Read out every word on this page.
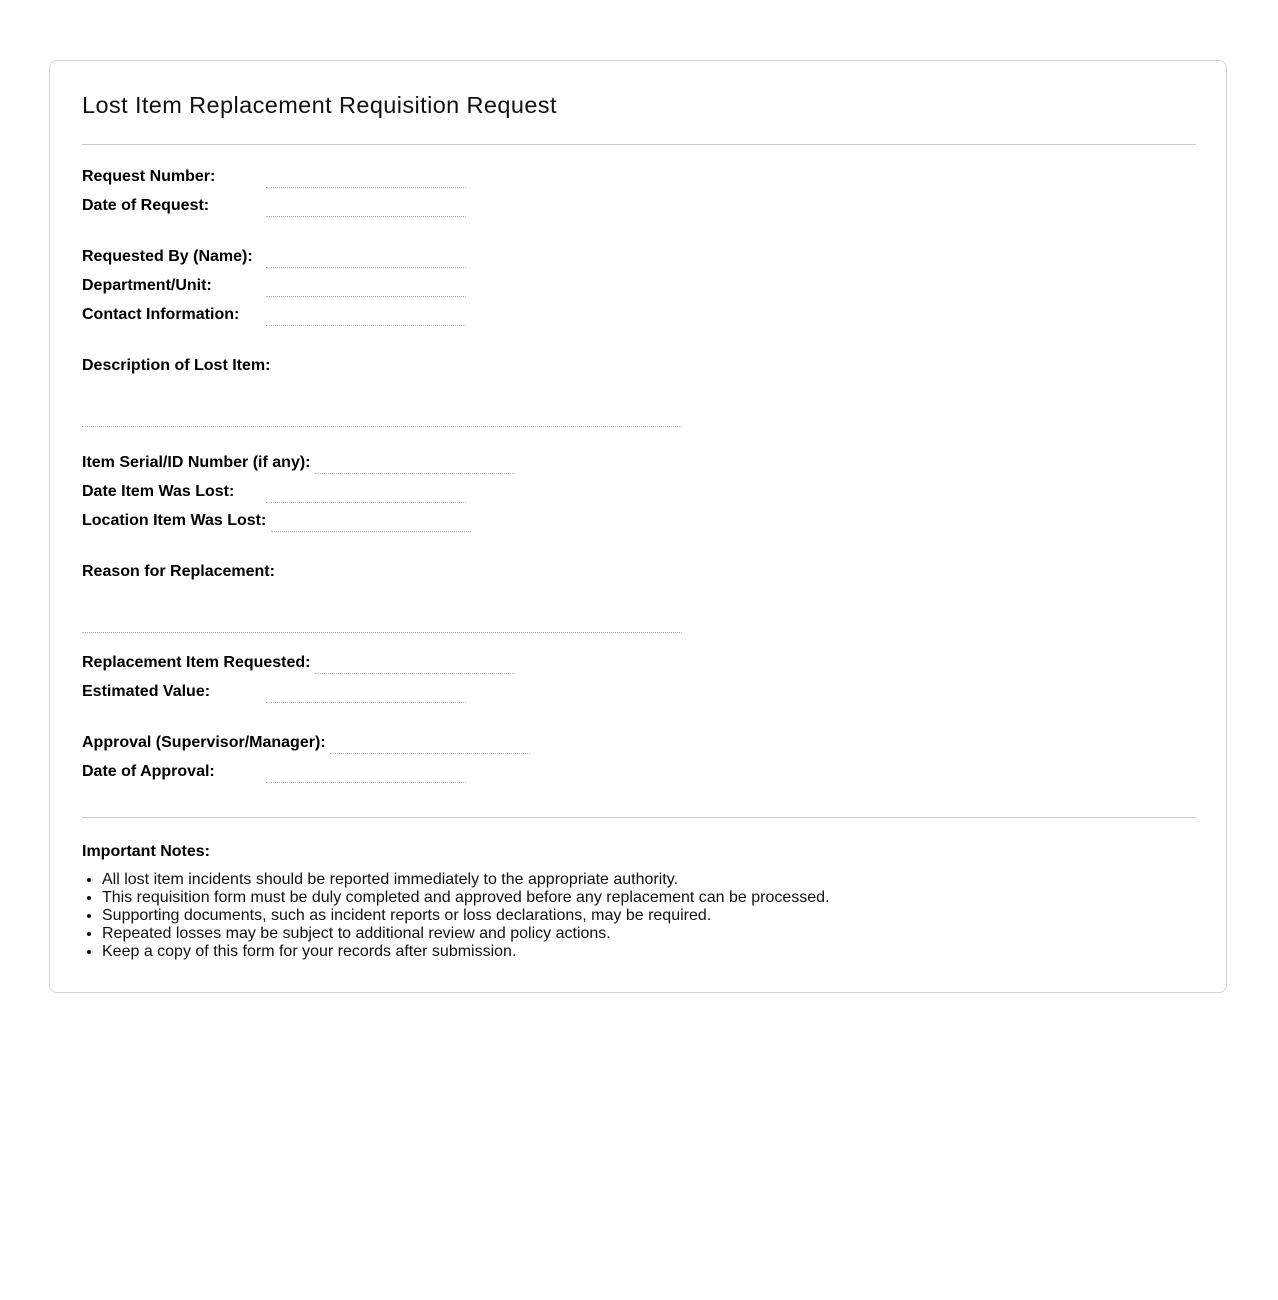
Lost Item Replacement Requisition Request
Request Number:
Date of Request:
Requested By (Name):
Department/Unit:
Contact Information:
Description of Lost Item:
Item Serial/ID Number (if any):
Date Item Was Lost:
Location Item Was Lost:
Reason for Replacement:
Replacement Item Requested:
Estimated Value:
Approval (Supervisor/Manager):
Date of Approval:
Important Notes:
• All lost item incidents should be reported immediately to the appropriate authority.
• This requisition form must be duly completed and approved before any replacement can be processed.
• Supporting documents, such as incident reports or loss declarations, may be required.
• Repeated losses may be subject to additional review and policy actions.
• Keep a copy of this form for your records after submission.
